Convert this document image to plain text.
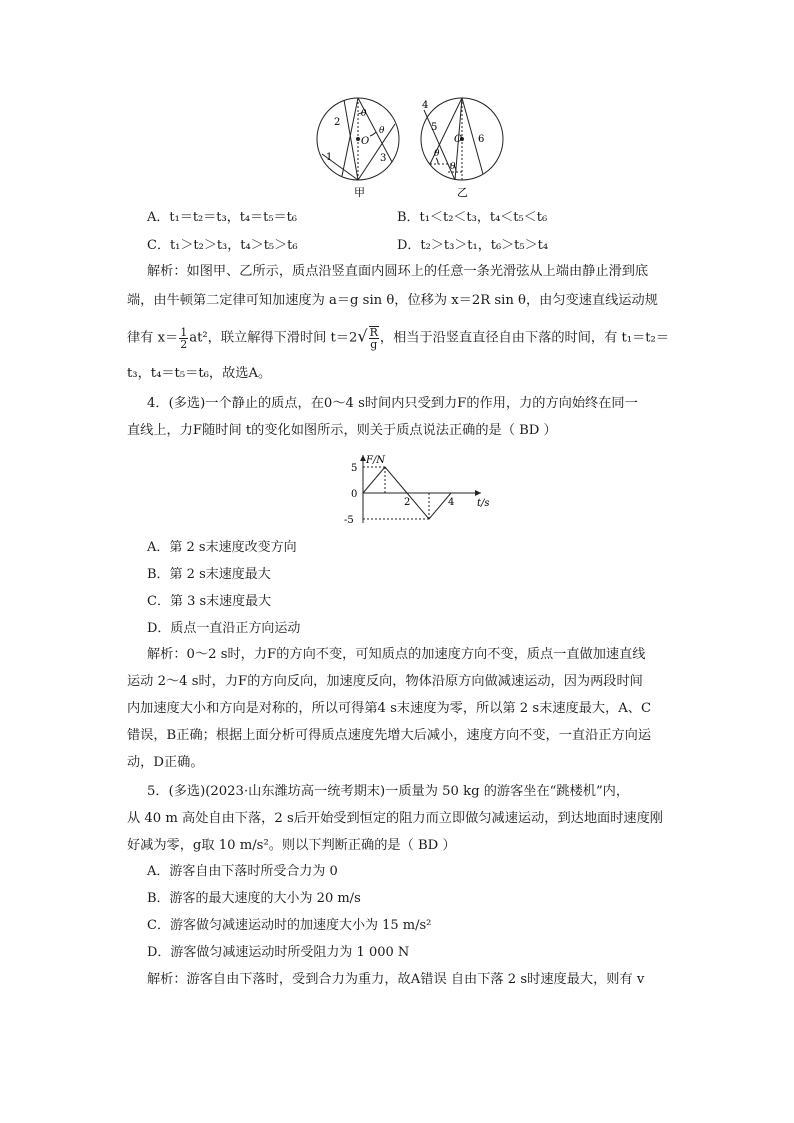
2
1	3
O
θ
θ
甲
4
5
6
O
θ
θ
乙
A．t₁＝t₂＝t₃，t₄＝t₅＝t₆	B．t₁＜t₂＜t₃，t₄＜t₅＜t₆
C．t₁＞t₂＞t₃，t₄＞t₅＞t₆	D．t₂＞t₃＞t₁，t₆＞t₅＞t₄
解析：如图甲、乙所示，质点沿竖直面内圆环上的任意一条光滑弦从上端由静止滑到底
端，由牛顿第二定律可知加速度为 a＝g sin θ，位移为 x＝2R sin θ，由匀变速直线运动规
律有 $x= \frac{1}{2} at^2$，联立解得下滑时间 $t=2√ \frac{R}{g}$ ，相当于沿竖直直径自由下落的时间，有 t₁＝t₂＝
t₃，t₄＝t₅＝t₆，故选A。
4．(多选)一个静止的质点，在0～4 s时间内只受到力F的作用，力的方向始终在同一
直线上，力F随时间 t的变化如图所示，则关于质点说法正确的是（ BD ）
F/N
t/s
5
0
-5
2	4
A．第 2 s末速度改变方向
B．第 2 s末速度最大
C．第 3 s末速度最大
D．质点一直沿正方向运动
解析：0～2 s时，力F的方向不变，可知质点的加速度方向不变，质点一直做加速直线
运动 2～4 s时，力F的方向反向，加速度反向，物体沿原方向做减速运动，因为两段时间
内加速度大小和方向是对称的，所以可得第4 s末速度为零，所以第 2 s末速度最大，A、C
错误，B正确；根据上面分析可得质点速度先增大后减小，速度方向不变，一直沿正方向运
动，D正确。
5．(多选)(2023·山东潍坊高一统考期末)一质量为 50 kg 的游客坐在“跳楼机”内，
从 40 m 高处自由下落，2 s后开始受到恒定的阻力而立即做匀减速运动，到达地面时速度刚
好减为零，g取 10 m/s²。则以下判断正确的是（ BD ）
A．游客自由下落时所受合力为 0
B．游客的最大速度的大小为 20 m/s
C．游客做匀减速运动时的加速度大小为 15 m/s²
D．游客做匀减速运动时所受阻力为 1 000 N
解析：游客自由下落时，受到合力为重力，故A错误 自由下落 2 s时速度最大，则有 v
